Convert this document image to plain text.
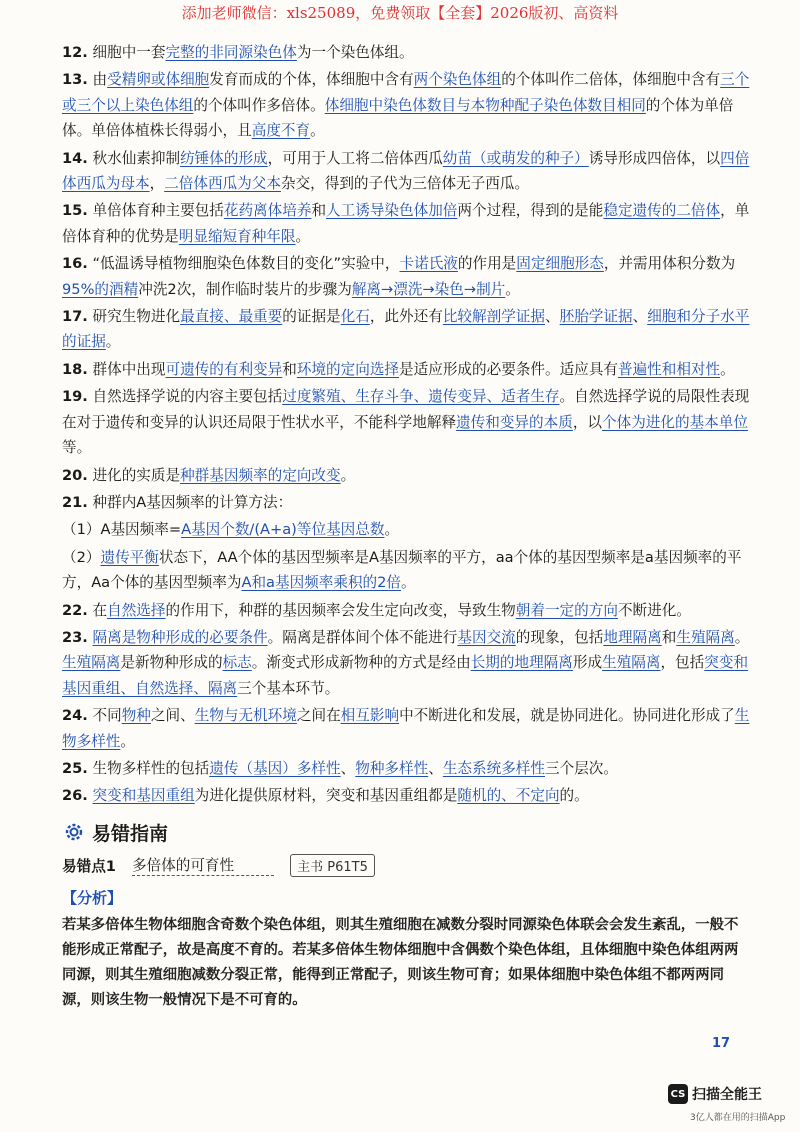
添加老师微信：xls25089，免费领取【全套】2026版初、高资料
12. 细胞中一套完整的非同源染色体为一个染色体组。
13. 由受精卵或体细胞发育而成的个体，体细胞中含有两个染色体组的个体叫作二倍体，体细胞中含有三个或三个以上染色体组的个体叫作多倍体。体细胞中染色体数目与本物种配子染色体数目相同的个体为单倍体。单倍体植株长得弱小，且高度不育。
14. 秋水仙素抑制纺锤体的形成，可用于人工将二倍体西瓜幼苗（或萌发的种子）诱导形成四倍体，以四倍体西瓜为母本，二倍体西瓜为父本杂交，得到的子代为三倍体无子西瓜。
15. 单倍体育种主要包括花药离体培养和人工诱导染色体加倍两个过程，得到的是能稳定遗传的二倍体，单倍体育种的优势是明显缩短育种年限。
16. “低温诱导植物细胞染色体数目的变化”实验中，卡诺氏液的作用是固定细胞形态，并需用体积分数为95%的酒精冲洗2次，制作临时装片的步骤为解离→漂洗→染色→制片。
17. 研究生物进化最直接、最重要的证据是化石，此外还有比较解剖学证据、胚胎学证据、细胞和分子水平的证据。
18. 群体中出现可遗传的有利变异和环境的定向选择是适应形成的必要条件。适应具有普遍性和相对性。
19. 自然选择学说的内容主要包括过度繁殖、生存斗争、遗传变异、适者生存。自然选择学说的局限性表现在对于遗传和变异的认识还局限于性状水平，不能科学地解释遗传和变异的本质，以个体为进化的基本单位等。
20. 进化的实质是种群基因频率的定向改变。
21. 种群内A基因频率的计算方法：
（1）A基因频率=A基因个数/(A+a)等位基因总数。
（2）遗传平衡状态下，AA个体的基因型频率是A基因频率的平方，aa个体的基因型频率是a基因频率的平方，Aa个体的基因型频率为A和a基因频率乘积的2倍。
22. 在自然选择的作用下，种群的基因频率会发生定向改变，导致生物朝着一定的方向不断进化。
23. 隔离是物种形成的必要条件。隔离是群体间个体不能进行基因交流的现象，包括地理隔离和生殖隔离。生殖隔离是新物种形成的标志。渐变式形成新物种的方式是经由长期的地理隔离形成生殖隔离，包括突变和基因重组、自然选择、隔离三个基本环节。
24. 不同物种之间、生物与无机环境之间在相互影响中不断进化和发展，就是协同进化。协同进化形成了生物多样性。
25. 生物多样性的包括遗传（基因）多样性、物种多样性、生态系统多样性三个层次。
26. 突变和基因重组为进化提供原材料，突变和基因重组都是随机的、不定向的。
易错指南
易错点1 多倍体的可育性	主书 P61T5
【分析】
若某多倍体生物体细胞含奇数个染色体组，则其生殖细胞在减数分裂时同源染色体联会会发生紊乱，一般不能形成正常配子，故是高度不育的。若某多倍体生物体细胞中含偶数个染色体组，且体细胞中染色体组两两同源，则其生殖细胞减数分裂正常，能得到正常配子，则该生物可育；如果体细胞中染色体组不都两两同源，则该生物一般情况下是不可育的。
17
CS 扫描全能王
3亿人都在用的扫描App
